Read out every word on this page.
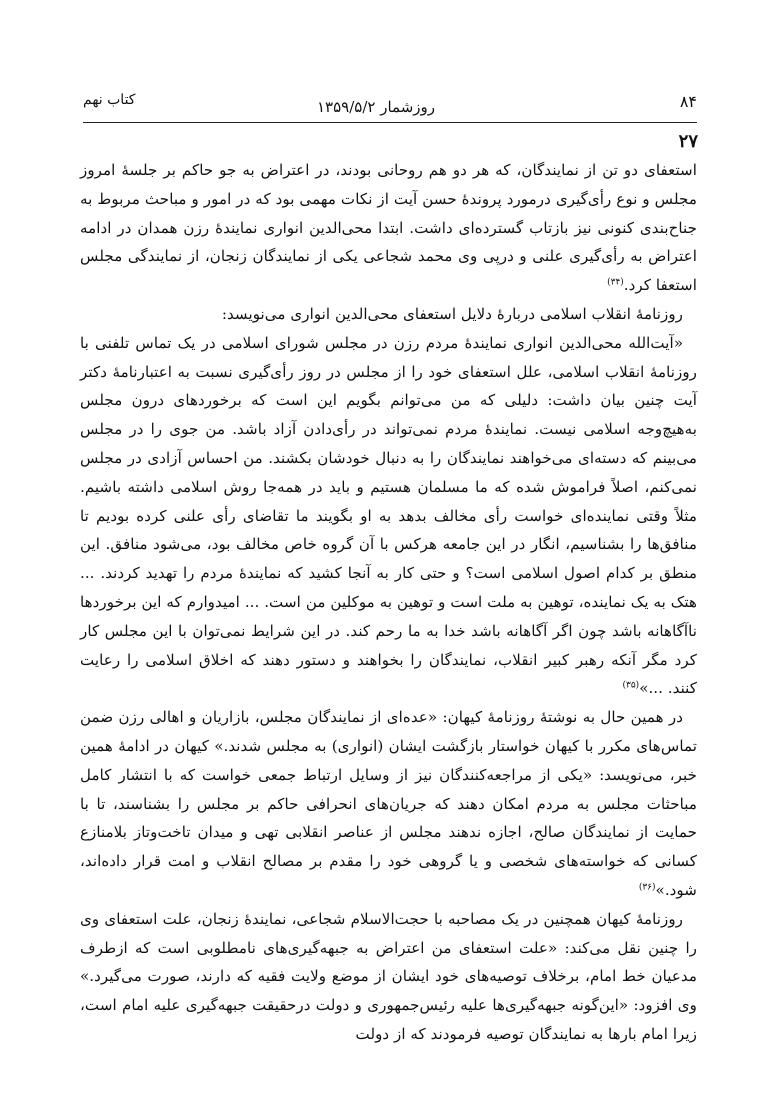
۸۴
روزشمار ۱۳۵۹/۵/۲
کتاب نهم
۲۷

استعفای دو تن از نمایندگان، که هر دو هم روحانی بودند، در اعتراض به جو حاکم بر جلسهٔ امروز مجلس و نوع رأی‌گیری درمورد پروندهٔ حسن آیت از نکات مهمی بود که در امور و مباحث مربوط به جناح‌بندی کنونی نیز بازتاب گسترده‌ای داشت. ابتدا محی‌الدین انواری نمایندهٔ رزن همدان در ادامه اعتراض به رأی‌گیری علنی و درپی وی محمد شجاعی یکی از نمایندگان زنجان، از نمایندگی مجلس استعفا کرد.$^{(۳۴)}$

روزنامهٔ انقلاب اسلامی دربارهٔ دلایل استعفای محی‌الدین انواری می‌نویسد:

«آیت‌الله محی‌الدین انواری نمایندهٔ مردم رزن در مجلس شورای اسلامی در یک تماس تلفنی با روزنامهٔ انقلاب اسلامی، علل استعفای خود را از مجلس در روز رأی‌گیری نسبت به اعتبارنامهٔ دکتر آیت چنین بیان داشت: دلیلی که من می‌توانم بگویم این است که برخوردهای درون مجلس به‌هیچ‌وجه اسلامی نیست. نمایندهٔ مردم نمی‌تواند در رأی‌دادن آزاد باشد. من جوی را در مجلس می‌بینم که دسته‌ای می‌خواهند نمایندگان را به دنبال خودشان بکشند. من احساس آزادی در مجلس نمی‌کنم، اصلاً فراموش شده که ما مسلمان هستیم و باید در همه‌جا روش اسلامی داشته باشیم. مثلاً وقتی نماینده‌ای خواست رأی مخالف بدهد به او بگویند ما تقاضای رأی علنی کرده بودیم تا منافق‌ها را بشناسیم، انگار در این جامعه هرکس با آن گروه خاص مخالف بود، می‌شود منافق. این منطق بر کدام اصول اسلامی است؟ و حتی کار به آنجا کشید که نمایندهٔ مردم را تهدید کردند. ... هتک به یک نماینده، توهین به ملت است و توهین به موکلین من است. ... امیدوارم که این برخوردها ناآگاهانه باشد چون اگر آگاهانه باشد خدا به ما رحم کند. در این شرایط نمی‌توان با این مجلس کار کرد مگر آنکه رهبر کبیر انقلاب، نمایندگان را بخواهند و دستور دهند که اخلاق اسلامی را رعایت کنند. ...»$^{(۳۵)}$

در همین حال به نوشتهٔ روزنامهٔ کیهان: «عده‌ای از نمایندگان مجلس، بازاریان و اهالی رزن ضمن تماس‌های مکرر با کیهان خواستار بازگشت ایشان (انواری) به مجلس شدند.» کیهان در ادامهٔ همین خبر، می‌نویسد: «یکی از مراجعه‌کنندگان نیز از وسایل ارتباط جمعی خواست که با انتشار کامل مباحثات مجلس به مردم امکان دهند که جریان‌های انحرافی حاکم بر مجلس را بشناسند، تا با حمایت از نمایندگان صالح، اجازه ندهند مجلس از عناصر انقلابی تهی و میدان تاخت‌وتاز بلامنازع کسانی که خواسته‌های شخصی و یا گروهی خود را مقدم بر مصالح انقلاب و امت قرار داده‌اند، شود.»$^{(۳۶)}$

روزنامهٔ کیهان همچنین در یک مصاحبه با حجت‌الاسلام شجاعی، نمایندهٔ زنجان، علت استعفای وی را چنین نقل می‌کند: «علت استعفای من اعتراض به جبهه‌گیری‌های نامطلوبی است که ازطرف مدعیان خط امام، برخلاف توصیه‌های خود ایشان از موضع ولایت فقیه که دارند، صورت می‌گیرد.» وی افزود: «این‌گونه جبهه‌گیری‌ها علیه رئیس‌جمهوری و دولت درحقیقت جبهه‌گیری علیه امام است، زیرا امام بارها به نمایندگان توصیه فرمودند که از دولت
